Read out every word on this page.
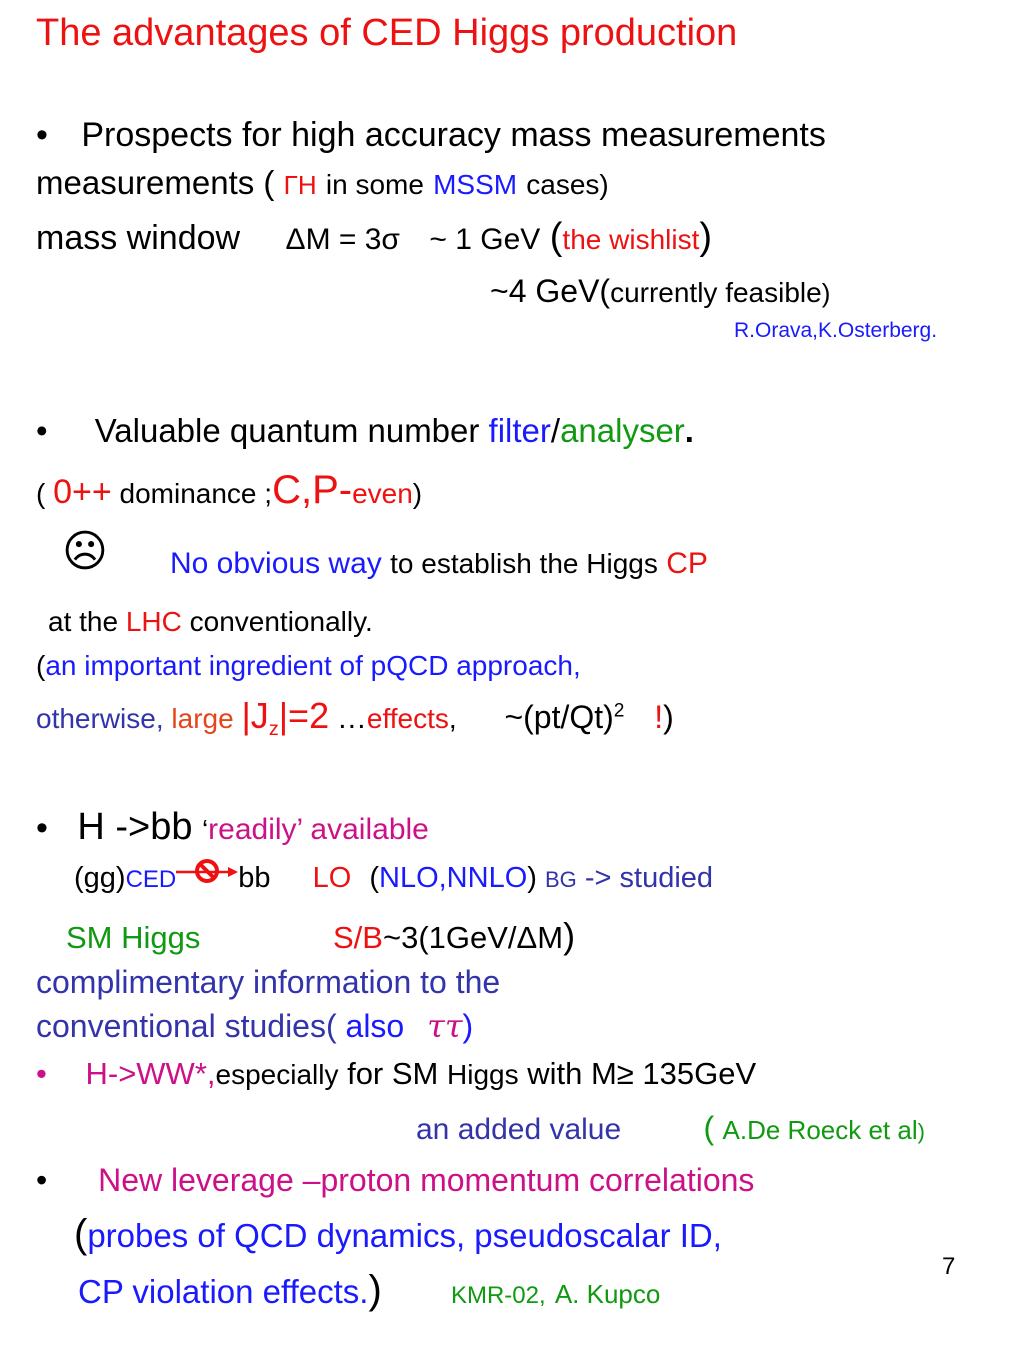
The advantages of CED Higgs production
• Prospects for high accuracy mass measurements
measurements ( ΓH in some MSSM cases)
mass window ΔM = 3σ ~ 1 GeV (the wishlist)
~4 GeV(currently feasible)
R.Orava,K.Osterberg.
• Valuable quantum number filter/analyser.
( 0++ dominance ;C,P-even)
☹ No obvious way to establish the Higgs CP
at the LHC conventionally.
(an important ingredient of pQCD approach,
otherwise, large $|J_z|=2$ …effects, $\sim(pt/Qt)^2$ !)
• H ->bb ‘readily’ available
(gg)CED bb LO (NLO,NNLO) BG -> studied
SM Higgs	S/B~3(1GeV/ΔM)
complimentary information to the
conventional studies( also ττ)
• H->WW*,especially for SM Higgs with M≥ 135GeV
an added value	( A.De Roeck et al)
• New leverage –proton momentum correlations
(probes of QCD dynamics, pseudoscalar ID,
CP violation effects.)	KMR-02, A. Kupco
7
